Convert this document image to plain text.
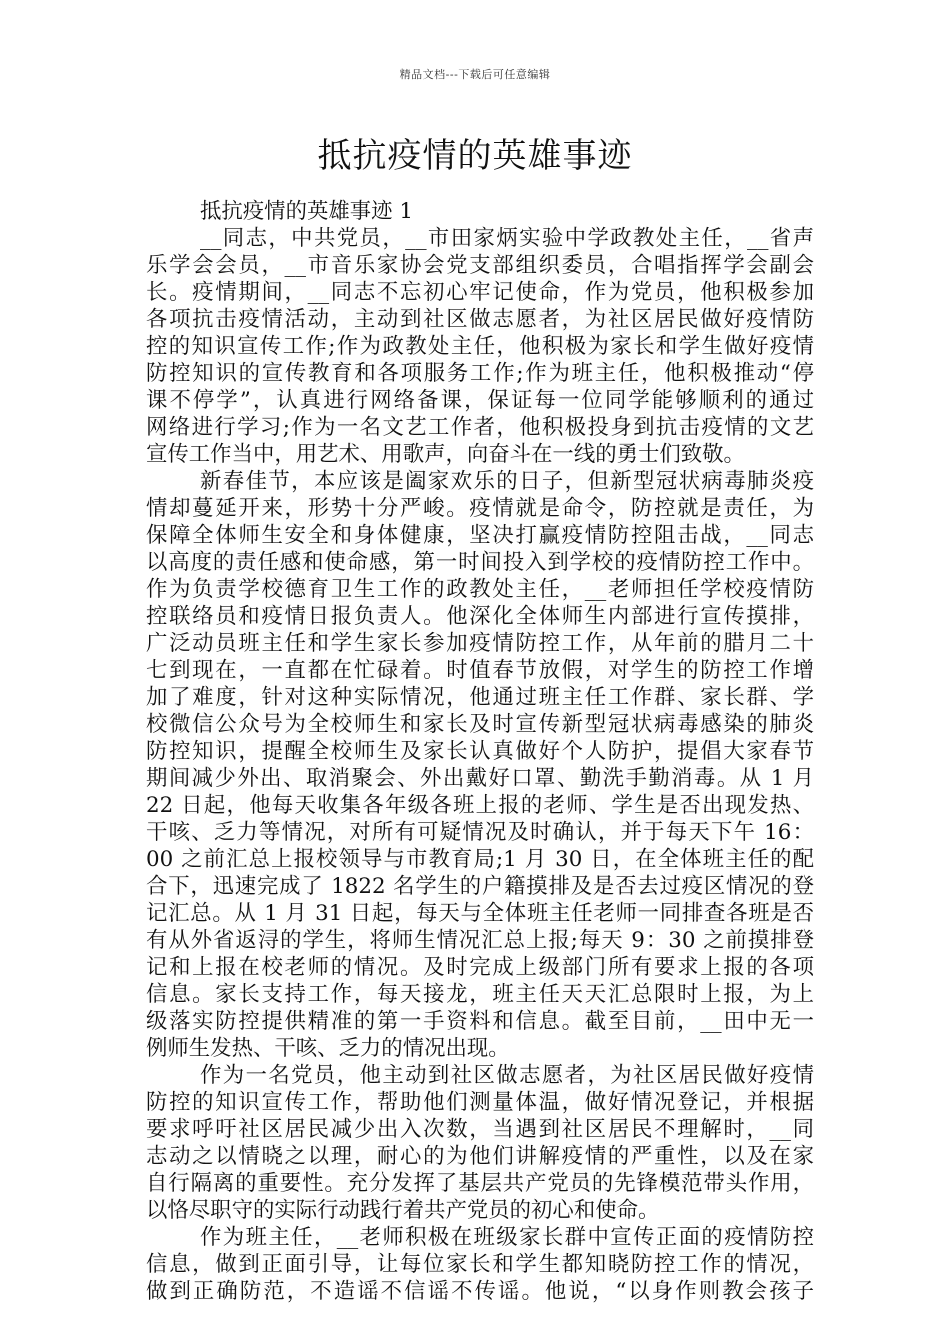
精品文档---下载后可任意编辑
抵抗疫情的英雄事迹
抵抗疫情的英雄事迹 1
__同志，中共党员，__市田家炳实验中学政教处主任，__省声
乐学会会员，__市音乐家协会党支部组织委员，合唱指挥学会副会
长。疫情期间，__同志不忘初心牢记使命，作为党员，他积极参加
各项抗击疫情活动，主动到社区做志愿者，为社区居民做好疫情防
控的知识宣传工作;作为政教处主任，他积极为家长和学生做好疫情
防控知识的宣传教育和各项服务工作;作为班主任，他积极推动“停
课不停学”，认真进行网络备课，保证每一位同学能够顺利的通过
网络进行学习;作为一名文艺工作者，他积极投身到抗击疫情的文艺
宣传工作当中，用艺术、用歌声，向奋斗在一线的勇士们致敬。
新春佳节，本应该是阖家欢乐的日子，但新型冠状病毒肺炎疫
情却蔓延开来，形势十分严峻。疫情就是命令，防控就是责任，为
保障全体师生安全和身体健康，坚决打赢疫情防控阻击战，__同志
以高度的责任感和使命感，第一时间投入到学校的疫情防控工作中。
作为负责学校德育卫生工作的政教处主任，__老师担任学校疫情防
控联络员和疫情日报负责人。他深化全体师生内部进行宣传摸排，
广泛动员班主任和学生家长参加疫情防控工作，从年前的腊月二十
七到现在，一直都在忙碌着。时值春节放假，对学生的防控工作增
加了难度，针对这种实际情况，他通过班主任工作群、家长群、学
校微信公众号为全校师生和家长及时宣传新型冠状病毒感染的肺炎
防控知识，提醒全校师生及家长认真做好个人防护，提倡大家春节
期间减少外出、取消聚会、外出戴好口罩、勤洗手勤消毒。从 1 月
22 日起，他每天收集各年级各班上报的老师、学生是否出现发热、
干咳、乏力等情况，对所有可疑情况及时确认，并于每天下午 16：
00 之前汇总上报校领导与市教育局;1 月 30 日，在全体班主任的配
合下，迅速完成了 1822 名学生的户籍摸排及是否去过疫区情况的登
记汇总。从 1 月 31 日起，每天与全体班主任老师一同排查各班是否
有从外省返浔的学生，将师生情况汇总上报;每天 9：30 之前摸排登
记和上报在校老师的情况。及时完成上级部门所有要求上报的各项
信息。家长支持工作，每天接龙，班主任天天汇总限时上报，为上
级落实防控提供精准的第一手资料和信息。截至目前，__田中无一
例师生发热、干咳、乏力的情况出现。
作为一名党员，他主动到社区做志愿者，为社区居民做好疫情
防控的知识宣传工作，帮助他们测量体温，做好情况登记，并根据
要求呼吁社区居民减少出入次数，当遇到社区居民不理解时，__同
志动之以情晓之以理，耐心的为他们讲解疫情的严重性，以及在家
自行隔离的重要性。充分发挥了基层共产党员的先锋模范带头作用，
以恪尽职守的实际行动践行着共产党员的初心和使命。
作为班主任，__老师积极在班级家长群中宣传正面的疫情防控
信息，做到正面引导，让每位家长和学生都知晓防控工作的情况，
做到正确防范，不造谣不信谣不传谣。他说，“以身作则教会孩子
